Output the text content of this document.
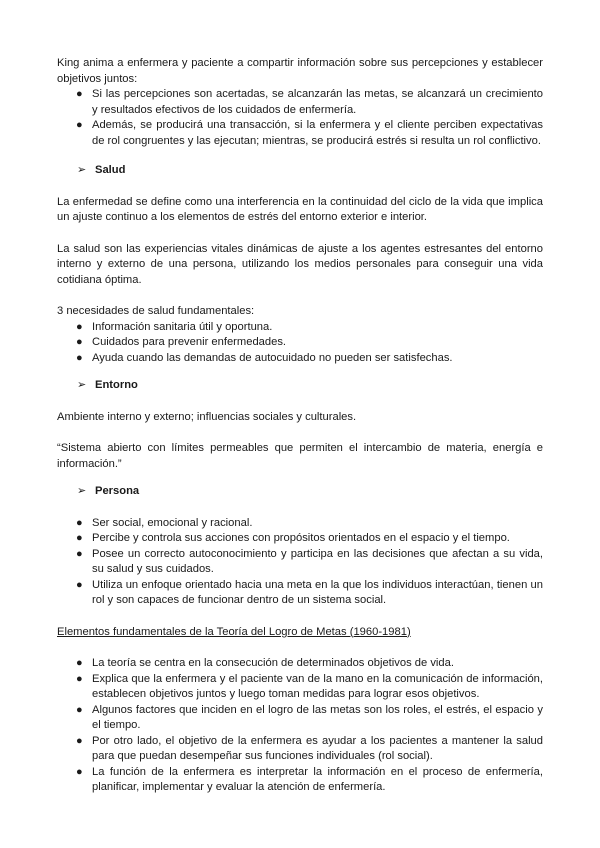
King anima a enfermera y paciente a compartir información sobre sus percepciones y establecer objetivos juntos:

● Si las percepciones son acertadas, se alcanzarán las metas, se alcanzará un crecimiento y resultados efectivos de los cuidados de enfermería.
● Además, se producirá una transacción, si la enfermera y el cliente perciben expectativas de rol congruentes y las ejecutan; mientras, se producirá estrés si resulta un rol conflictivo.
➢ Salud

La enfermedad se define como una interferencia en la continuidad del ciclo de la vida que implica un ajuste continuo a los elementos de estrés del entorno exterior e interior.

La salud son las experiencias vitales dinámicas de ajuste a los agentes estresantes del entorno interno y externo de una persona, utilizando los medios personales para conseguir una vida cotidiana óptima.

3 necesidades de salud fundamentales:

● Información sanitaria útil y oportuna.
● Cuidados para prevenir enfermedades.
● Ayuda cuando las demandas de autocuidado no pueden ser satisfechas.
➢ Entorno

Ambiente interno y externo; influencias sociales y culturales.

“Sistema abierto con límites permeables que permiten el intercambio de materia, energía e información.”

➢ Persona
● Ser social, emocional y racional.
● Percibe y controla sus acciones con propósitos orientados en el espacio y el tiempo.
● Posee un correcto autoconocimiento y participa en las decisiones que afectan a su vida, su salud y sus cuidados.
● Utiliza un enfoque orientado hacia una meta en la que los individuos interactúan, tienen un rol y son capaces de funcionar dentro de un sistema social.

Elementos fundamentales de la Teoría del Logro de Metas (1960-1981)

● La teoría se centra en la consecución de determinados objetivos de vida.
● Explica que la enfermera y el paciente van de la mano en la comunicación de información, establecen objetivos juntos y luego toman medidas para lograr esos objetivos.
● Algunos factores que inciden en el logro de las metas son los roles, el estrés, el espacio y el tiempo.
● Por otro lado, el objetivo de la enfermera es ayudar a los pacientes a mantener la salud para que puedan desempeñar sus funciones individuales (rol social).
● La función de la enfermera es interpretar la información en el proceso de enfermería, planificar, implementar y evaluar la atención de enfermería.
